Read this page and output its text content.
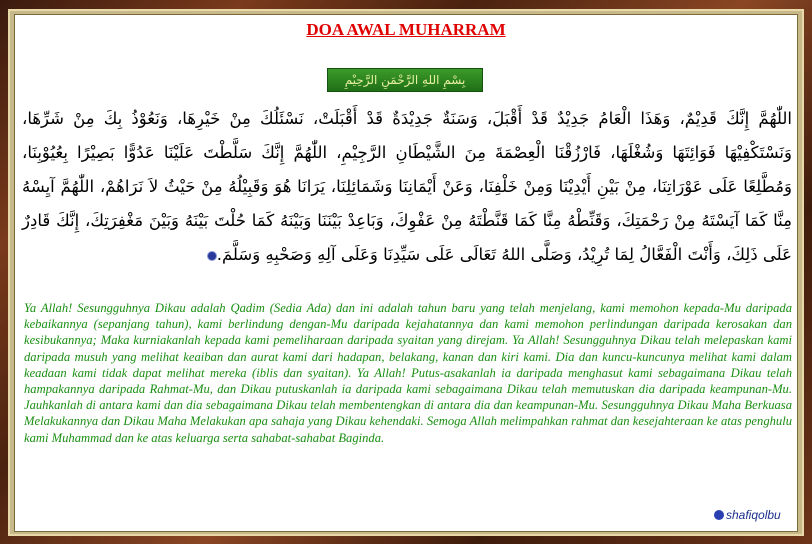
DOA AWAL MUHARRAM
بِسْمِ اللهِ الرَّحْمَنِ الرَّحِيْمِ
اللّٰهُمَّ إِنَّكَ قَدِيْمٌ، وَهَذَا الْعَامُ جَدِيْدٌ قَدْ أَقْبَلَ، وَسَنَةٌ جَدِيْدَةٌ قَدْ أَقْبَلَتْ، نَسْئَلُكَ مِنْ خَيْرِهَا، وَنَعُوْذُ بِكَ مِنْ شَرِّهَا، وَنَسْتَكْفِيْهَا فَوَائِتَهَا وَشُغْلَهَا، فَارْزُقْنَا الْعِصْمَةَ مِنَ الشَّيْطَانِ الرَّجِيْمِ، اللّٰهُمَّ إِنَّكَ سَلَّطْتَ عَلَيْنَا عَدُوًّا بَصِيْرًا بِعُيُوْبِنَا، وَمُطَّلِعًا عَلَى عَوْرَاتِنَا، مِنْ بَيْنِ أَيْدِيْنَا وَمِنْ خَلْفِنَا، وَعَنْ أَيْمَانِنَا وَشَمَائِلِنَا، يَرَانَا هُوَ وَقَبِيْلُهُ مِنْ حَيْثُ لاَ نَرَاهُمْ، اللّٰهُمَّ آيِسْهُ مِنَّا كَمَا آيَسْتَهُ مِنْ رَحْمَتِكَ، وَقَنِّطْهُ مِنَّا كَمَا قَنَّطْتَهُ مِنْ عَفْوِكَ، وَبَاعِدْ بَيْنَنَا وَبَيْنَهُ كَمَا حُلْتَ بَيْنَهُ وَبَيْنَ مَغْفِرَتِكَ، إِنَّكَ قَادِرٌ عَلَى ذَلِكَ، وَأَنْتَ الْفَعَّالُ لِمَا تُرِيْدُ، وَصَلَّى اللهُ تَعَالَى عَلَى سَيِّدِنَا وَعَلَى آلِهِ وَصَحْبِهِ وَسَلَّمَ.
Ya Allah! Sesungguhnya Dikau adalah Qadim (Sedia Ada) dan ini adalah tahun baru yang telah menjelang, kami memohon kepada-Mu daripada kebaikannya (sepanjang tahun), kami berlindung dengan-Mu daripada kejahatannya dan kami memohon perlindungan daripada kerosakan dan kesibukannya; Maka kurniakanlah kepada kami pemeliharaan daripada syaitan yang direjam. Ya Allah! Sesungguhnya Dikau telah melepaskan kami daripada musuh yang melihat keaiban dan aurat kami dari hadapan, belakang, kanan dan kiri kami. Dia dan kuncu-kuncunya melihat kami dalam keadaan kami tidak dapat melihat mereka (iblis dan syaitan). Ya Allah! Putus-asakanlah ia daripada menghasut kami sebagaimana Dikau telah hampakannya daripada Rahmat-Mu, dan Dikau putuskanlah ia daripada kami sebagaimana Dikau telah memutuskan dia daripada keampunan-Mu. Jauhkanlah di antara kami dan dia sebagaimana Dikau telah membentengkan di antara dia dan keampunan-Mu. Sesungguhnya Dikau Maha Berkuasa Melakukannya dan Dikau Maha Melakukan apa sahaja yang Dikau kehendaki. Semoga Allah melimpahkan rahmat dan kesejahteraan ke atas penghulu kami Muhammad dan ke atas keluarga serta sahabat-sahabat Baginda.
shafiqolbu
